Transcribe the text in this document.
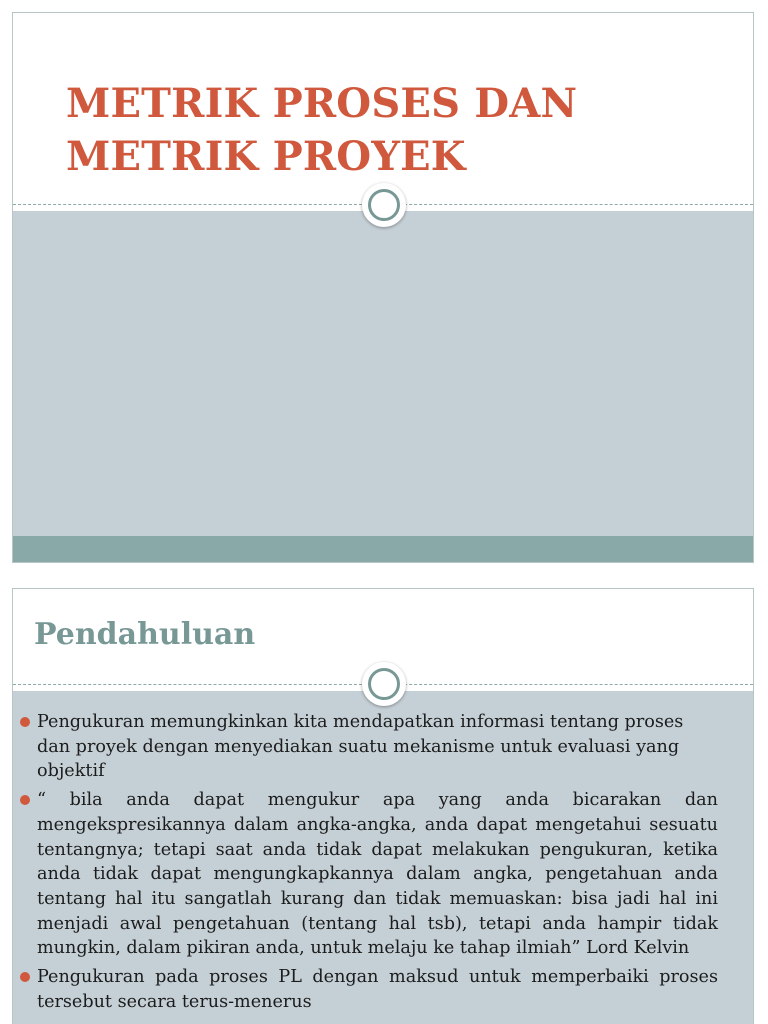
METRIK PROSES DAN
METRIK PROYEK
Pendahuluan
Pengukuran memungkinkan kita mendapatkan informasi tentang proses dan proyek dengan menyediakan suatu mekanisme untuk evaluasi yang objektif
“ bila anda dapat mengukur apa yang anda bicarakan dan mengekspresikannya dalam angka-angka, anda dapat mengetahui sesuatu tentangnya; tetapi saat anda tidak dapat melakukan pengukuran, ketika anda tidak dapat mengungkapkannya dalam angka, pengetahuan anda tentang hal itu sangatlah kurang dan tidak memuaskan: bisa jadi hal ini menjadi awal pengetahuan (tentang hal tsb), tetapi anda hampir tidak mungkin, dalam pikiran anda, untuk melaju ke tahap ilmiah” Lord Kelvin
Pengukuran pada proses PL dengan maksud untuk memperbaiki proses tersebut secara terus-menerus
